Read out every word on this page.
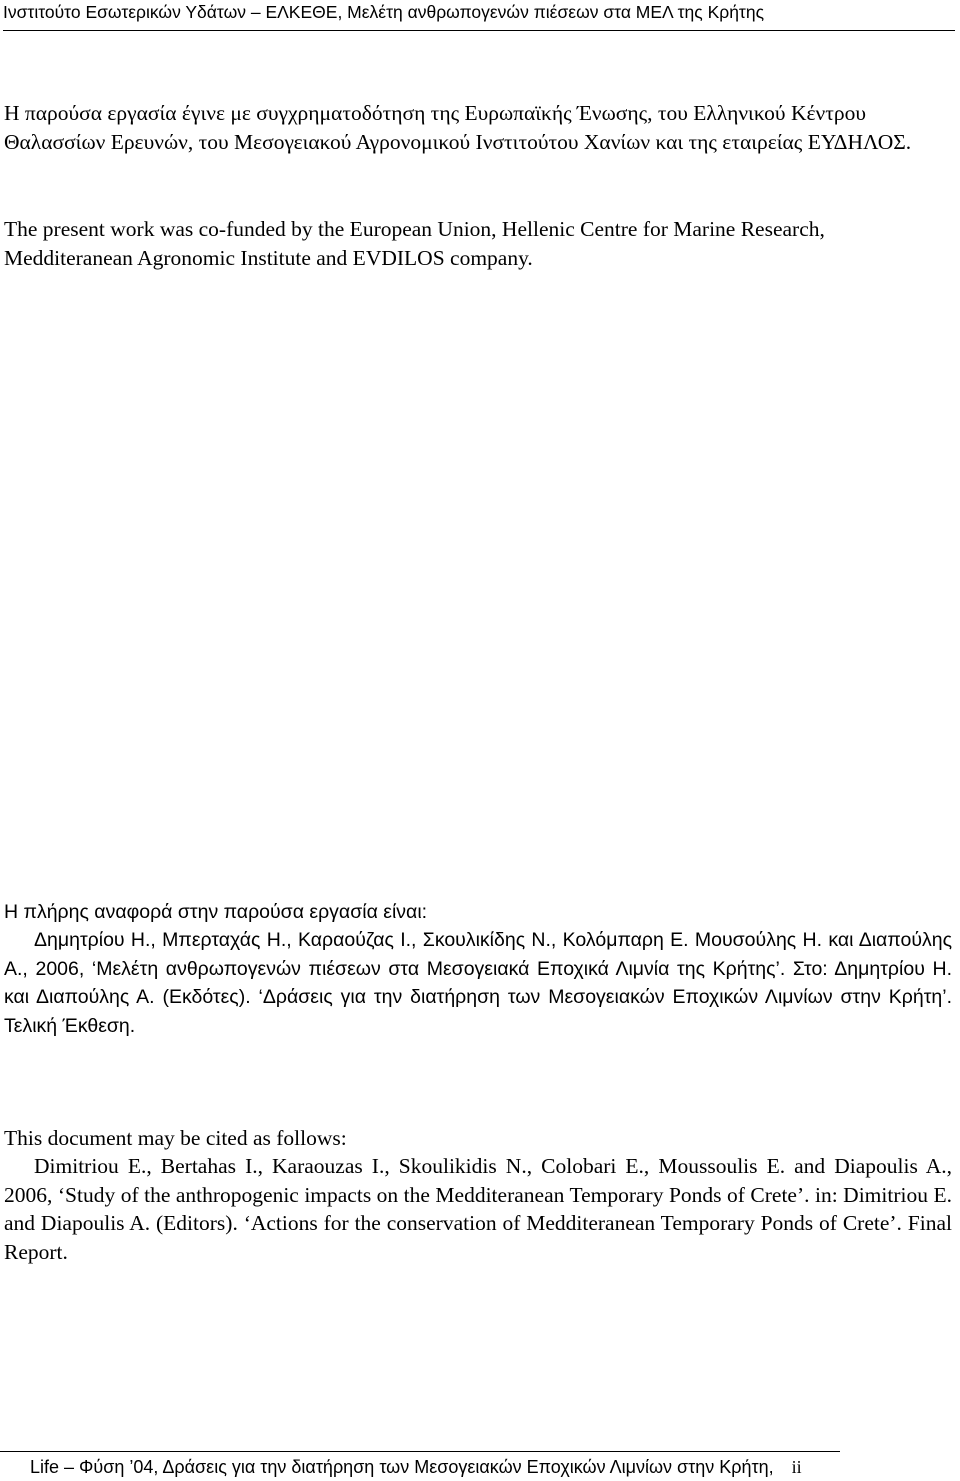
Ινστιτούτο Εσωτερικών Υδάτων – ΕΛΚΕΘΕ, Μελέτη ανθρωπογενών πιέσεων στα ΜΕΛ της Κρήτης

Η παρούσα εργασία έγινε με συγχρηματοδότηση της Ευρωπαϊκής Ένωσης, του Ελληνικού Κέντρου Θαλασσίων Ερευνών, του Μεσογειακού Αγρονομικού Ινστιτούτου Χανίων και της εταιρείας ΕΥΔΗΛΟΣ.

The present work was co-funded by the European Union, Hellenic Centre for Marine Research, Medditeranean Agronomic Institute and EVDILOS company.

Η πλήρης αναφορά στην παρούσα εργασία είναι:

Δημητρίου Η., Μπερταχάς Η., Καραούζας Ι., Σκουλικίδης Ν., Κολόμπαρη Ε. Μουσούλης Η. και Διαπούλης Α., 2006, ‘Μελέτη ανθρωπογενών πιέσεων στα Μεσογειακά Εποχικά Λιμνία της Κρήτης’. Στο: Δημητρίου Η. και Διαπούλης Α. (Εκδότες). ‘Δράσεις για την διατήρηση των Μεσογειακών Εποχικών Λιμνίων στην Κρήτη’. Τελική Έκθεση.

This document may be cited as follows:

Dimitriou E., Bertahas I., Karaouzas I., Skoulikidis N., Colobari E., Moussoulis E. and Diapoulis A., 2006, ‘Study of the anthropogenic impacts on the Medditeranean Temporary Ponds of Crete’. in: Dimitriou E. and Diapoulis A. (Editors). ‘Actions for the conservation of Medditeranean Temporary Ponds of Crete’. Final Report.

Life – Φύση ’04, Δράσεις για την διατήρηση των Μεσογειακών Εποχικών Λιμνίων στην Κρήτη, ii
